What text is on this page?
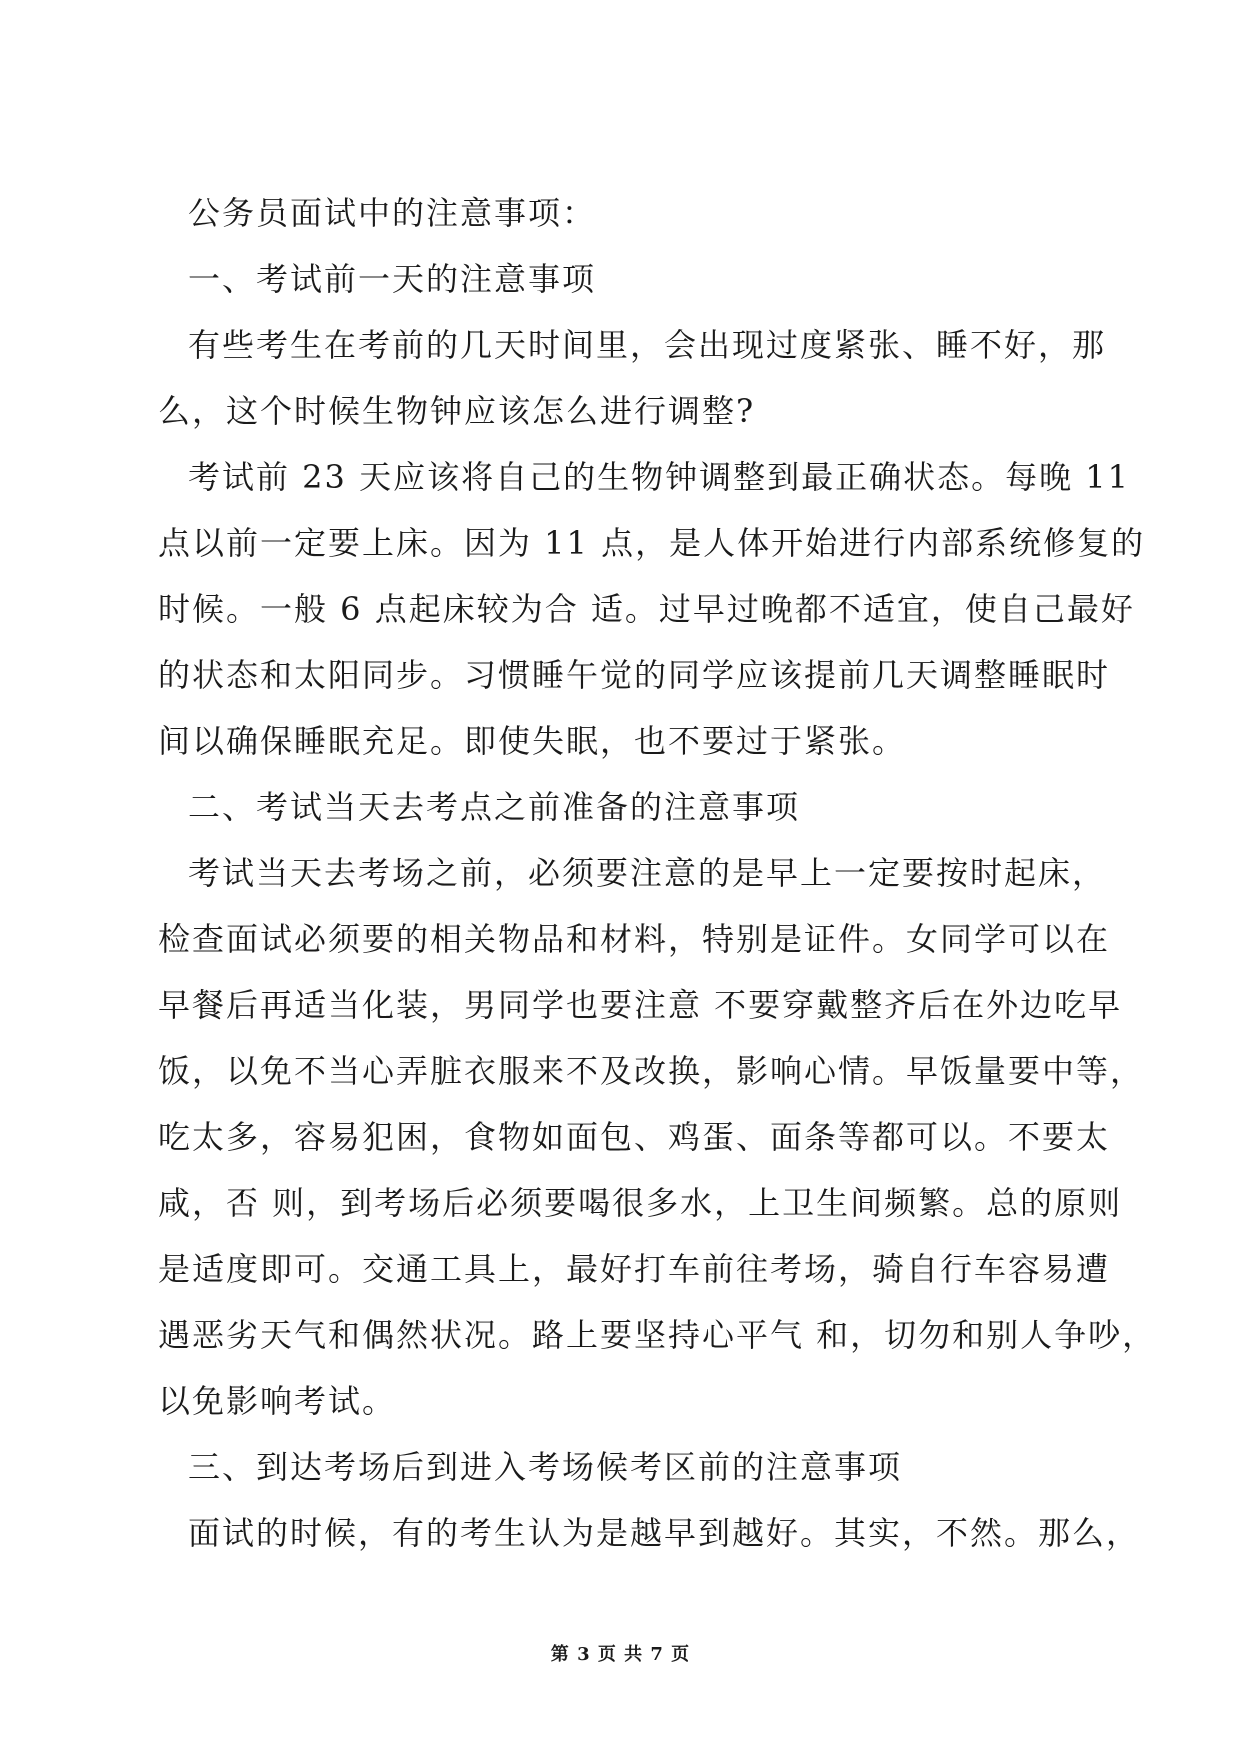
公务员面试中的注意事项：
一、考试前一天的注意事项
有些考生在考前的几天时间里，会出现过度紧张、睡不好，那
么，这个时候生物钟应该怎么进行调整?
考试前 23 天应该将自己的生物钟调整到最正确状态。每晚 11
点以前一定要上床。因为 11 点，是人体开始进行内部系统修复的
时候。一般 6 点起床较为合 适。过早过晚都不适宜，使自己最好
的状态和太阳同步。习惯睡午觉的同学应该提前几天调整睡眠时
间以确保睡眠充足。即使失眠，也不要过于紧张。
二、考试当天去考点之前准备的注意事项
考试当天去考场之前，必须要注意的是早上一定要按时起床，
检查面试必须要的相关物品和材料，特别是证件。女同学可以在
早餐后再适当化装，男同学也要注意 不要穿戴整齐后在外边吃早
饭，以免不当心弄脏衣服来不及改换，影响心情。早饭量要中等，
吃太多，容易犯困，食物如面包、鸡蛋、面条等都可以。不要太
咸，否 则，到考场后必须要喝很多水，上卫生间频繁。总的原则
是适度即可。交通工具上，最好打车前往考场，骑自行车容易遭
遇恶劣天气和偶然状况。路上要坚持心平气 和，切勿和别人争吵，
以免影响考试。
三、到达考场后到进入考场候考区前的注意事项
面试的时候，有的考生认为是越早到越好。其实，不然。那么，
第 3 页 共 7 页
